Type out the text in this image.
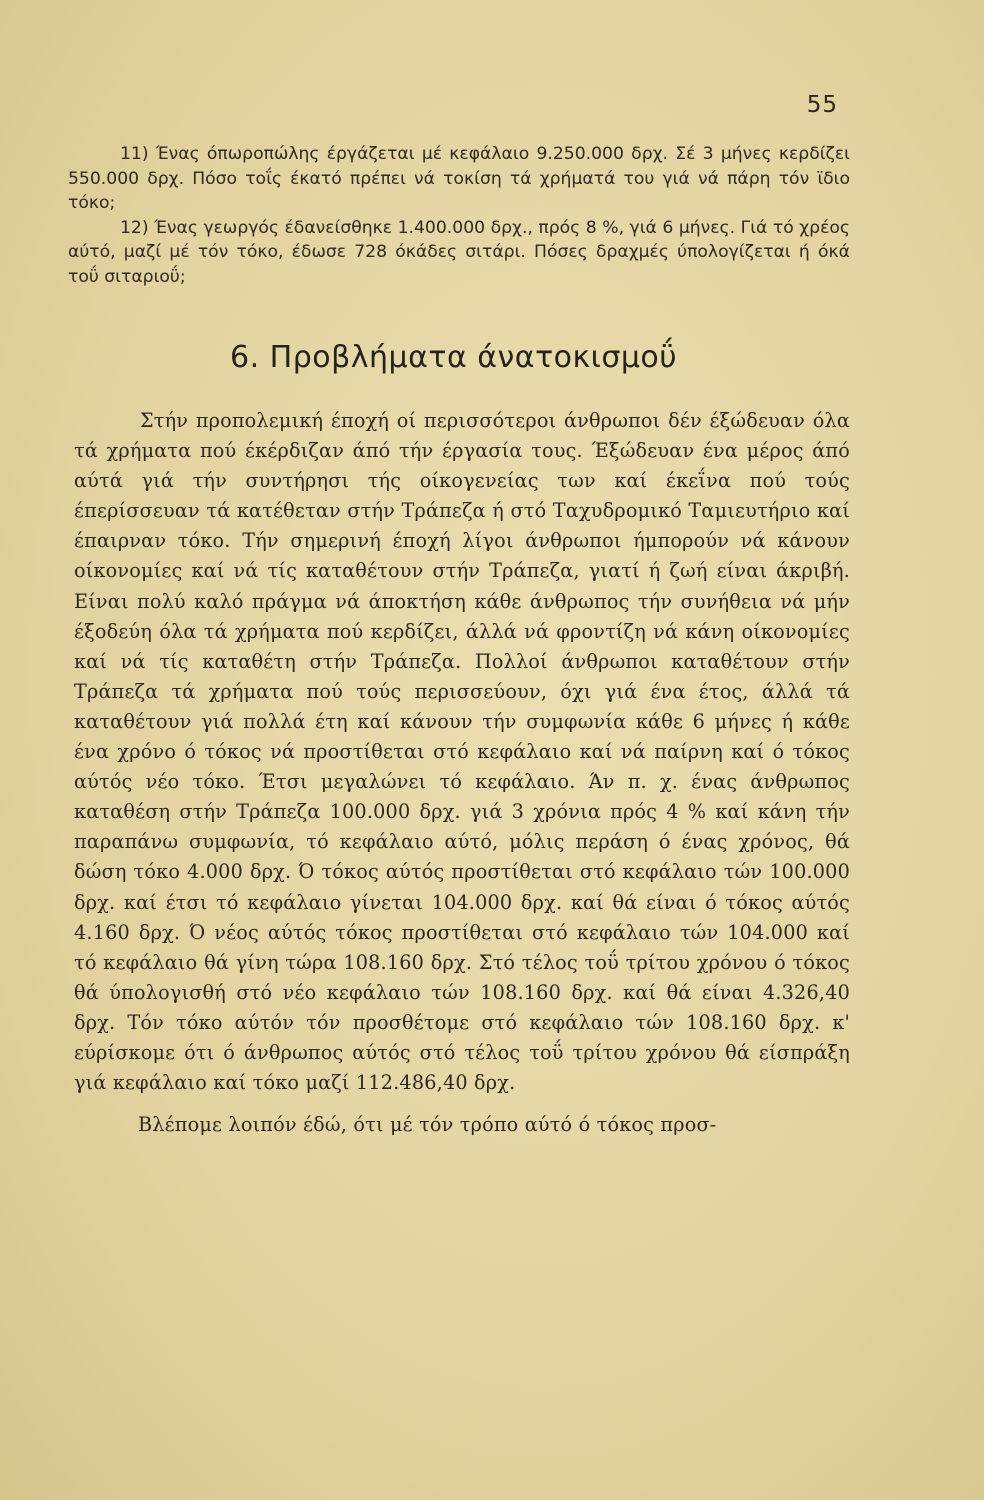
55

11) Ένας όπωροπώλης έργάζεται μέ κεφάλαιο 9.250.000 δρχ. Σέ 3 μήνες κερδίζει 550.000 δρχ. Πόσο τοΐς έκατό πρέπει νά τοκίση τά χρήματά του γιά νά πάρη τόν ϊδιο τόκο;

12) Ένας γεωργός έδανείσθηκε 1.400.000 δρχ., πρός 8 %, γιά 6 μήνες. Γιά τό χρέος αύτό, μαζί μέ τόν τόκο, έδωσε 728 όκάδες σιτάρι. Πόσες δραχμές ύπολογίζεται ή όκά τοΰ σιταριοΰ;

6. Προβλήματα άνατοκισμοΰ

Στήν προπολεμική έποχή οί περισσότεροι άνθρωποι δέν έξώδευαν όλα τά χρήματα πού έκέρδιζαν άπό τήν έργασία τους. Έξώδευαν ένα μέρος άπό αύτά γιά τήν συντήρησι τής οίκογενείας των καί έκεΐνα πού τούς έπερίσσευαν τά κατέθεταν στήν Τράπεζα ή στό Ταχυδρομικό Ταμιευτήριο καί έπαιρναν τόκο. Τήν σημερινή έποχή λίγοι άνθρωποι ήμπορούν νά κάνουν οίκονομίες καί νά τίς καταθέτουν στήν Τράπεζα, γιατί ή ζωή είναι άκριβή. Είναι πολύ καλό πράγμα νά άποκτήση κάθε άνθρωπος τήν συνήθεια νά μήν έξοδεύη όλα τά χρήματα πού κερδίζει, άλλά νά φροντίζη νά κάνη οίκονομίες καί νά τίς καταθέτη στήν Τράπεζα. Πολλοί άνθρωποι καταθέτουν στήν Τράπεζα τά χρήματα πού τούς περισσεύουν, όχι γιά ένα έτος, άλλά τά καταθέτουν γιά πολλά έτη καί κάνουν τήν συμφωνία κάθε 6 μήνες ή κάθε ένα χρόνο ό τόκος νά προστίθεται στό κεφάλαιο καί νά παίρνη καί ό τόκος αύτός νέο τόκο. Έτσι μεγαλώνει τό κεφάλαιο. Άν π. χ. ένας άνθρωπος καταθέση στήν Τράπεζα 100.000 δρχ. γιά 3 χρόνια πρός 4 % καί κάνη τήν παραπάνω συμφωνία, τό κεφάλαιο αύτό, μόλις περάση ό ένας χρόνος, θά δώση τόκο 4.000 δρχ. Ό τόκος αύτός προστίθεται στό κεφάλαιο τών 100.000 δρχ. καί έτσι τό κεφάλαιο γίνεται 104.000 δρχ. καί θά είναι ό τόκος αύτός 4.160 δρχ. Ό νέος αύτός τόκος προστίθεται στό κεφάλαιο τών 104.000 καί τό κεφάλαιο θά γίνη τώρα 108.160 δρχ. Στό τέλος τοΰ τρίτου χρόνου ό τόκος θά ύπολογισθή στό νέο κεφάλαιο τών 108.160 δρχ. καί θά είναι 4.326,40 δρχ. Τόν τόκο αύτόν τόν προσθέτομε στό κεφάλαιο τών 108.160 δρχ. κ' εύρίσκομε ότι ό άνθρωπος αύτός στό τέλος τοΰ τρίτου χρόνου θά είσπράξη γιά κεφάλαιο καί τόκο μαζί 112.486,40 δρχ.

Βλέπομε λοιπόν έδώ, ότι μέ τόν τρόπο αύτό ό τόκος προσ-
